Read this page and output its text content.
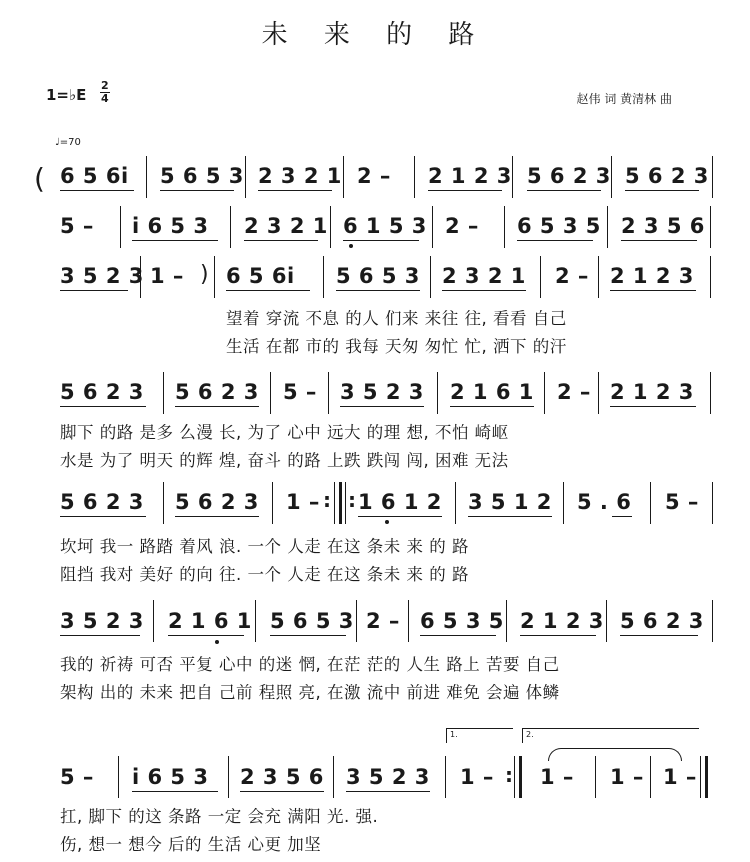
未 来 的 路
1=♭E
2
4	赵伟 词 黄清林 曲
♩=70
( 6 5 6i 5 6 5 3 2 3 2 1 2 – 2 1 2 3 5 6 2 3 5 6 2 3
5 – i 6 5 3 2 3 2 1 6 1 5 3 2 – 6 5 3 5 2 3 5 6
3 5 2 3 1 – ) 6 5 6i 5 6 5 3 2 3 2 1 2 – 2 1 2 3
望着 穿流 不息 的人 们来 来往 往, 看看 自己
生活 在都 市的 我每 天匆 匆忙 忙, 洒下 的汗
5 6 2 3 5 6 2 3 5 – 3 5 2 3 2 1 6 1 2 – 2 1 2 3
脚下 的路 是多 么漫 长, 为了 心中 远大 的理 想, 不怕 崎岖
水是 为了 明天 的辉 煌, 奋斗 的路 上跌 跌闯 闯, 困难 无法
5 6 2 3 5 6 2 3 1 – : : 1 6 1 2 3 5 1 2 5 . 6 5 –
坎坷 我一 路踏 着风 浪. 一个 人走 在这 条未 来 的 路
阻挡 我对 美好 的向 往. 一个 人走 在这 条未 来 的 路
3 5 2 3 2 1 6 1 5 6 5 3 2 – 6 5 3 5 2 1 2 3 5 6 2 3
我的 祈祷 可否 平复 心中 的迷 惘, 在茫 茫的 人生 路上 苦要 自己
架构 出的 未来 把自 己前 程照 亮, 在激 流中 前进 难免 会遍 体鳞
1.	2.
5 – i 6 5 3 2 3 5 6 3 5 2 3 1 – : 1 – 1 – 1 –
扛, 脚下 的这 条路 一定 会充 满阳 光. 强.
伤, 想一 想今 后的 生活 心更 加坚
